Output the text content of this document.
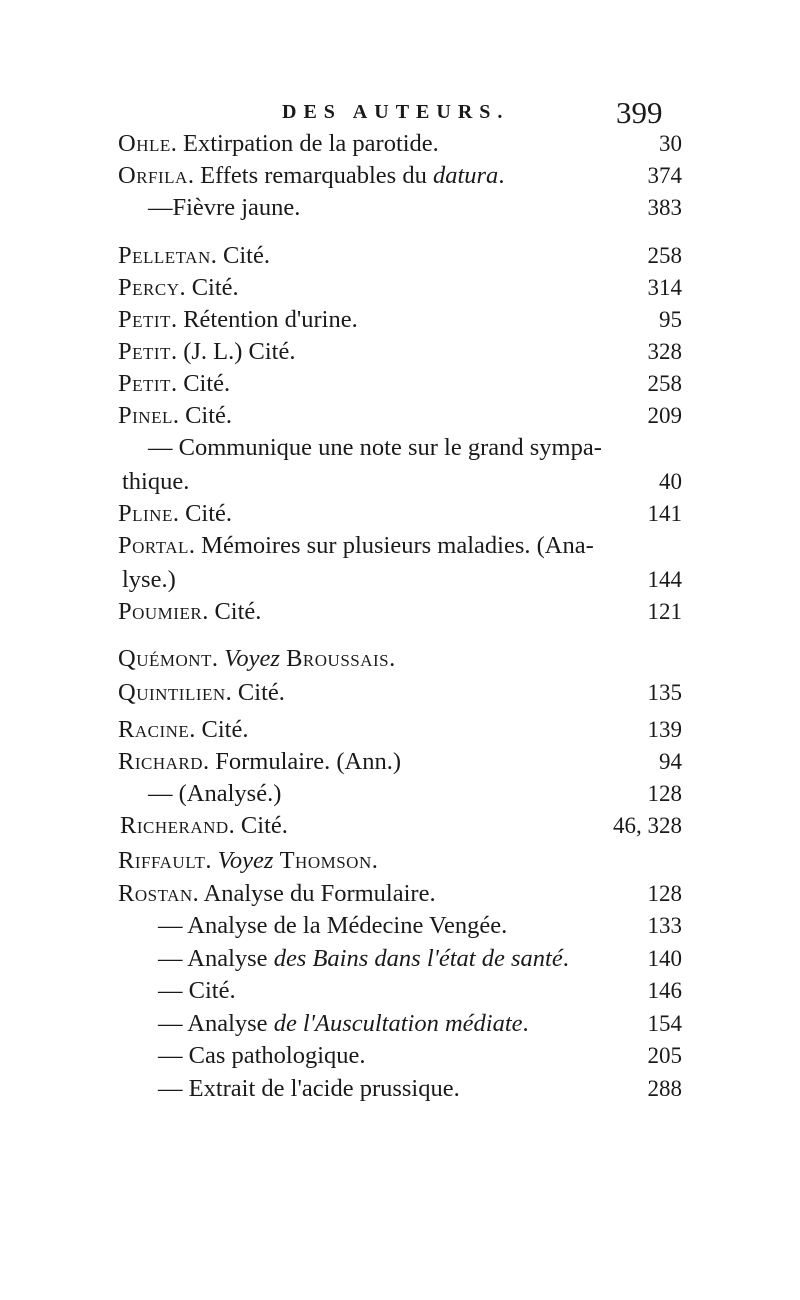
DES AUTEURS.	399
Ohle. Extirpation de la parotide.	30
Orfila. Effets remarquables du datura.	374
—Fièvre jaune.	383
Pelletan. Cité.	258
Percy. Cité.	314
Petit. Rétention d'urine.	95
Petit. (J. L.) Cité.	328
Petit. Cité.	258
Pinel. Cité.	209
— Communique une note sur le grand sympa-
thique.	40
Pline. Cité.	141
Portal. Mémoires sur plusieurs maladies. (Ana-
lyse.)	144
Poumier. Cité.	121
Quémont. Voyez Broussais.
Quintilien. Cité.	135
Racine. Cité.	139
Richard. Formulaire. (Ann.)	94
— (Analysé.)	128
Richerand. Cité.	46, 328
Riffault. Voyez Thomson.
Rostan. Analyse du Formulaire.	128
— Analyse de la Médecine Vengée.	133
— Analyse des Bains dans l'état de santé.	140
— Cité.	146
— Analyse de l'Auscultation médiate.	154
— Cas pathologique.	205
— Extrait de l'acide prussique.	288
